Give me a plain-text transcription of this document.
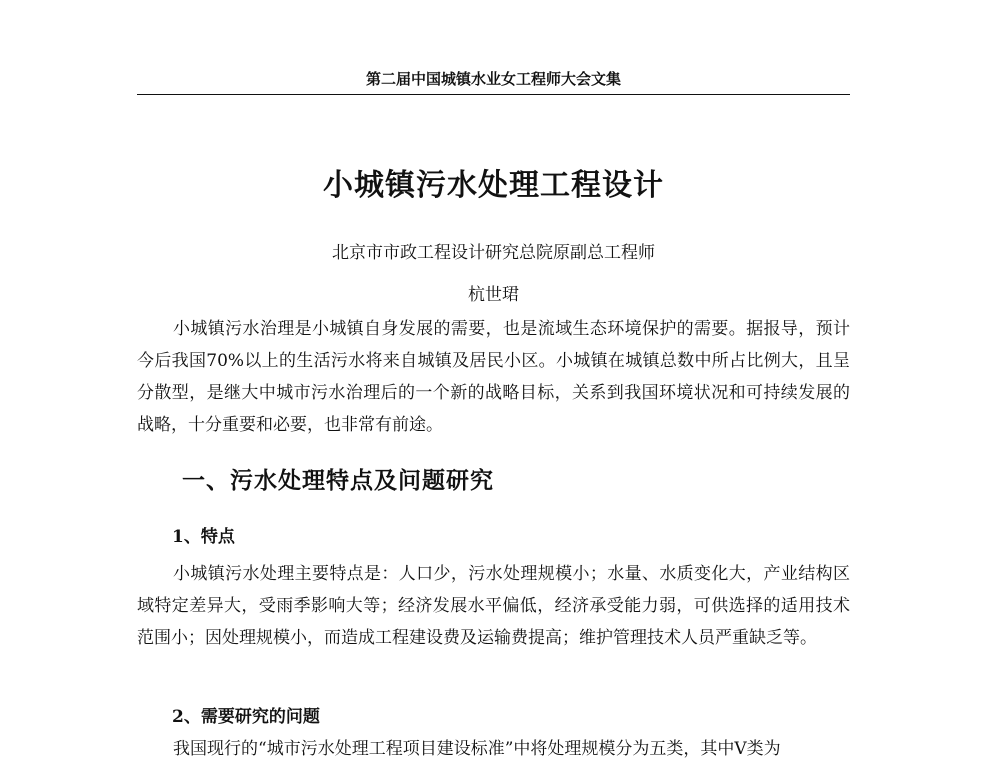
第二届中国城镇水业女工程师大会文集
小城镇污水处理工程设计
北京市市政工程设计研究总院原副总工程师
杭世珺

小城镇污水治理是小城镇自身发展的需要，也是流域生态环境保护的需要。据报导，预计今后我国70%以上的生活污水将来自城镇及居民小区。小城镇在城镇总数中所占比例大，且呈分散型，是继大中城市污水治理后的一个新的战略目标，关系到我国环境状况和可持续发展的战略，十分重要和必要，也非常有前途。

一、污水处理特点及问题研究
1、特点

小城镇污水处理主要特点是：人口少，污水处理规模小；水量、水质变化大，产业结构区域特定差异大，受雨季影响大等；经济发展水平偏低，经济承受能力弱，可供选择的适用技术范围小；因处理规模小，而造成工程建设费及运输费提高；维护管理技术人员严重缺乏等。

2、需要研究的问题

我国现行的“城市污水处理工程项目建设标准”中将处理规模分为五类，其中V类为
